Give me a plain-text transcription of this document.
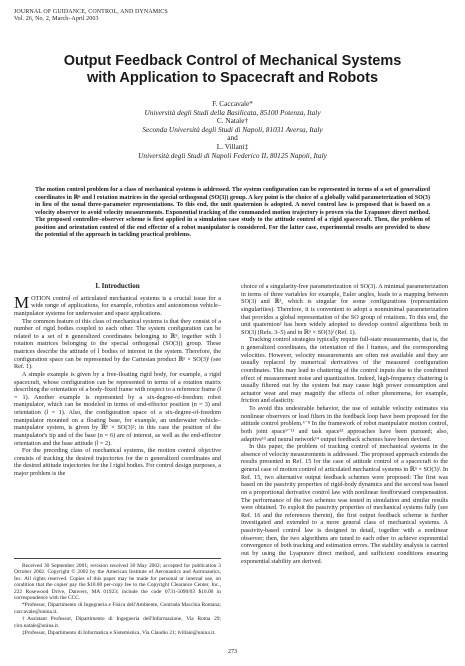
JOURNAL OF GUIDANCE, CONTROL, AND DYNAMICS
Vol. 26, No. 2, March–April 2003
Output Feedback Control of Mechanical Systems
with Application to Spacecraft and Robots
F. Caccavale*
Università degli Studi della Basilicata, 85100 Potenza, Italy
C. Natale†
Seconda Università degli Studi di Napoli, 81031 Aversa, Italy
and
L. Villani‡
Università degli Studi di Napoli Federico II, 80125 Napoli, Italy
The motion control problem for a class of mechanical systems is addressed. The system configuration can be represented in terms of a set of generalized coordinates in ℝⁿ and l rotation matrices in the special orthogonal (SO(3)) group. A key point is the choice of a globally valid parameterization of SO(3) in lieu of the usual three-parameter representations. To this end, the unit quaternion is adopted. A novel control law is proposed that is based on a velocity observer to avoid velocity measurements. Exponential tracking of the commanded motion trajectory is proven via the Lyapunov direct method. The proposed controller–observer scheme is first applied in a simulation case study to the attitude control of a rigid spacecraft. Then, the problem of position and orientation control of the end effector of a robot manipulator is considered. For the latter case, experimental results are provided to show the potential of the approach in tackling practical problems.
I. Introduction

MOTION control of articulated mechanical systems is a crucial issue for a wide range of applications, for example, robotics and autonomous vehicle–manipulator systems for underwater and space applications.

The common feature of this class of mechanical systems is that they consist of a number of rigid bodies coupled to each other. The system configuration can be related to a set of n generalized coordinates belonging to ℝⁿ, together with l rotation matrices belonging to the special orthogonal (SO(3)) group. These matrices describe the attitude of l bodies of interest in the system. Therefore, the configuration space can be represented by the Cartesian product ℝⁿ × SO(3)ˡ (see Ref. 1).

A simple example is given by a free-floating rigid body, for example, a rigid spacecraft, whose configuration can be represented in terms of a rotation matrix describing the orientation of a body-fixed frame with respect to a reference frame (l = 1). Another example is represented by a six-degree-of-freedom robot manipulator, which can be modeled in terms of end-effector position (n = 3) and orientation (l = 1). Also, the configuration space of a six-degree-of-freedom manipulator mounted on a floating base, for example, an underwater vehicle–manipulator system, is given by ℝⁿ × SO(3)²; in this case the position of the manipulator's tip and of the base (n = 6) are of interest, as well as the end-effector orientation and the base attitude (l = 2).

For the preceding class of mechanical systems, the motion control objective consists of tracking the desired trajectories for the n generalized coordinates and the desired attitude trajectories for the l rigid bodies. For control design purposes, a major problem is the

Received 30 September 2001; revision received 30 May 2002; accepted for publication 3 October 2002. Copyright © 2002 by the American Institute of Aeronautics and Astronautics, Inc. All rights reserved. Copies of this paper may be made for personal or internal use, on condition that the copier pay the $10.00 per-copy fee to the Copyright Clearance Center, Inc., 222 Rosewood Drive, Danvers, MA 01923; include the code 0731-5090/03 $10.00 in correspondence with the CCC.

*Professor, Dipartimento di Ingegneria e Fisica dell'Ambiente, Contrada Macchia Romana; caccavale@unina.it.

†Assistant Professor, Dipartimento di Ingegneria dell'Informazione, Via Roma 29; ciro.natale@unina.it.

‡Professor, Dipartimento di Informatica e Sistemistica, Via Claudio 21; lvillani@unina.it.

choice of a singularity-free parameterization of SO(3). A minimal parameterization in terms of three variables for example, Euler angles, leads to a mapping between SO(3) and ℝ³, which is singular for some configurations (representation singularities). Therefore, it is convenient to adopt a nonminimal parameterization that provides a global representation of the SO group of rotations. To this end, the unit quaternion² has been widely adopted to develop control algorithms both in SO(3) (Refs. 3–5) and in ℝⁿ × SO(3)ˡ (Ref. 1).

Tracking control strategies typically require full-state measurements, that is, the n generalized coordinates, the orientation of the l frames, and the corresponding velocities. However, velocity measurements are often not available and they are usually replaced by numerical derivatives of the measured configuration coordinates. This may lead to chattering of the control inputs due to the combined effect of measurement noise and quantization. Indeed, high-frequency chattering is usually filtered out by the system but may cause high power consumption and actuator wear and may magnify the effects of other phenomena, for example, friction and elasticity.

To avoid this undesirable behavior, the use of suitable velocity estimates via nonlinear observers or lead filters in the feedback loop have been proposed for the attitude control problem.⁶⁻⁸ In the framework of robot manipulator motion control, both joint space⁹⁻¹¹ and task space¹² approaches have been pursued; also, adaptive¹³ and neural network¹⁴ output feedback schemes have been devised.

In this paper, the problem of tracking control of mechanical systems in the absence of velocity measurements is addressed. The proposed approach extends the results presented in Ref. 15 for the case of attitude control of a spacecraft to the general case of motion control of articulated mechanical systems in ℝⁿ × SO(3)ˡ. In Ref. 15, two alternative output feedback schemes were proposed: The first was based on the passivity properties of rigid-body dynamics and the second was based on a proportional derivative control law with nonlinear feedforward compensation. The performance of the two schemes was tested in simulation and similar results were obtained. To exploit the passivity properties of mechanical systems fully (see Ref. 16 and the references therein), the first output feedback scheme is further investigated and extended to a more general class of mechanical systems. A passivity-based control law is designed in detail, together with a nonlinear observer; then, the two algorithms are tuned to each other to achieve exponential convergence of both tracking and estimation errors. The stability analysis is carried out by using the Lyapunov direct method, and sufficient conditions ensuring exponential stability are derived.

273
